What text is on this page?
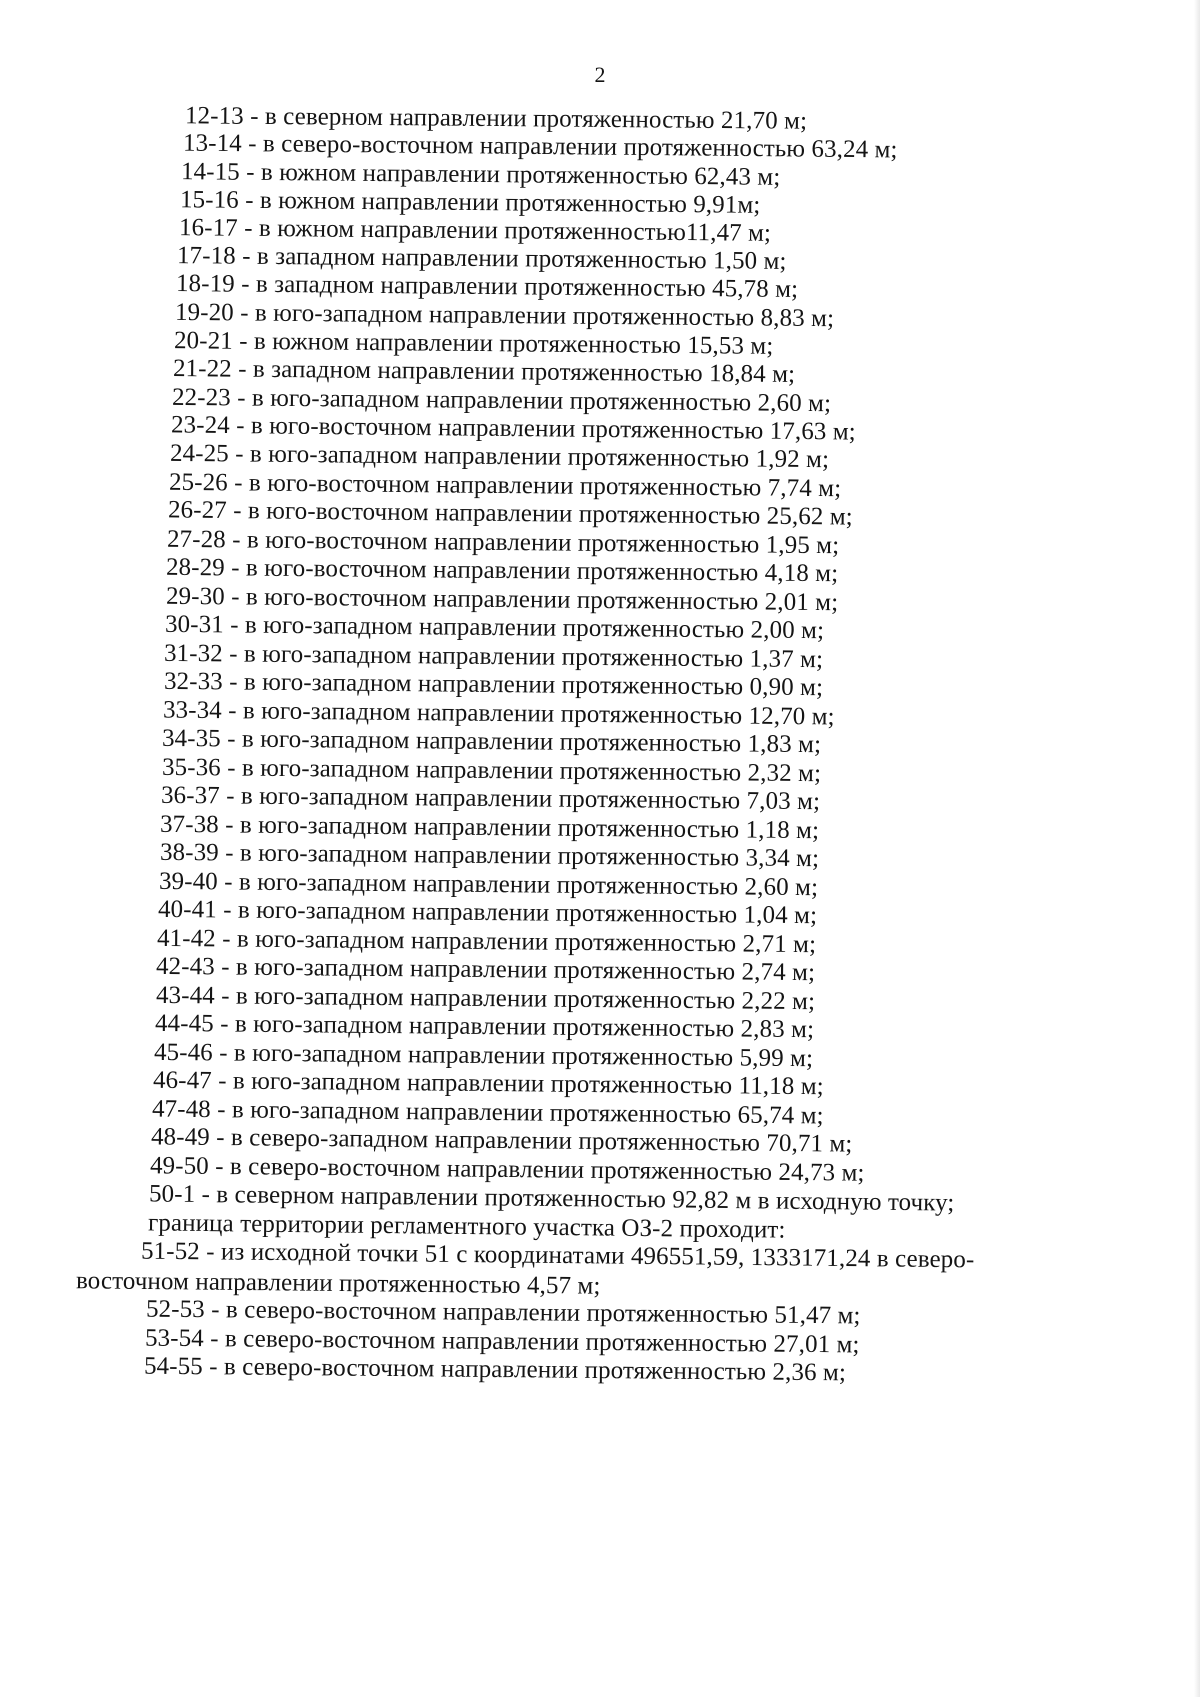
2
12-13 - в северном направлении протяженностью 21,70 м;
13-14 - в северо-восточном направлении протяженностью 63,24 м;
14-15 - в южном направлении протяженностью 62,43 м;
15-16 - в южном направлении протяженностью 9,91м;
16-17 - в южном направлении протяженностью11,47 м;
17-18 - в западном направлении протяженностью 1,50 м;
18-19 - в западном направлении протяженностью 45,78 м;
19-20 - в юго-западном направлении протяженностью 8,83 м;
20-21 - в южном направлении протяженностью 15,53 м;
21-22 - в западном направлении протяженностью 18,84 м;
22-23 - в юго-западном направлении протяженностью 2,60 м;
23-24 - в юго-восточном направлении протяженностью 17,63 м;
24-25 - в юго-западном направлении протяженностью 1,92 м;
25-26 - в юго-восточном направлении протяженностью 7,74 м;
26-27 - в юго-восточном направлении протяженностью 25,62 м;
27-28 - в юго-восточном направлении протяженностью 1,95 м;
28-29 - в юго-восточном направлении протяженностью 4,18 м;
29-30 - в юго-восточном направлении протяженностью 2,01 м;
30-31 - в юго-западном направлении протяженностью 2,00 м;
31-32 - в юго-западном направлении протяженностью 1,37 м;
32-33 - в юго-западном направлении протяженностью 0,90 м;
33-34 - в юго-западном направлении протяженностью 12,70 м;
34-35 - в юго-западном направлении протяженностью 1,83 м;
35-36 - в юго-западном направлении протяженностью 2,32 м;
36-37 - в юго-западном направлении протяженностью 7,03 м;
37-38 - в юго-западном направлении протяженностью 1,18 м;
38-39 - в юго-западном направлении протяженностью 3,34 м;
39-40 - в юго-западном направлении протяженностью 2,60 м;
40-41 - в юго-западном направлении протяженностью 1,04 м;
41-42 - в юго-западном направлении протяженностью 2,71 м;
42-43 - в юго-западном направлении протяженностью 2,74 м;
43-44 - в юго-западном направлении протяженностью 2,22 м;
44-45 - в юго-западном направлении протяженностью 2,83 м;
45-46 - в юго-западном направлении протяженностью 5,99 м;
46-47 - в юго-западном направлении протяженностью 11,18 м;
47-48 - в юго-западном направлении протяженностью 65,74 м;
48-49 - в северо-западном направлении протяженностью 70,71 м;
49-50 - в северо-восточном направлении протяженностью 24,73 м;
50-1 - в северном направлении протяженностью 92,82 м в исходную точку;
граница территории регламентного участка ОЗ-2 проходит:
51-52 - из исходной точки 51 с координатами 496551,59, 1333171,24 в северо-
восточном направлении протяженностью 4,57 м;
52-53 - в северо-восточном направлении протяженностью 51,47 м;
53-54 - в северо-восточном направлении протяженностью 27,01 м;
54-55 - в северо-восточном направлении протяженностью 2,36 м;
